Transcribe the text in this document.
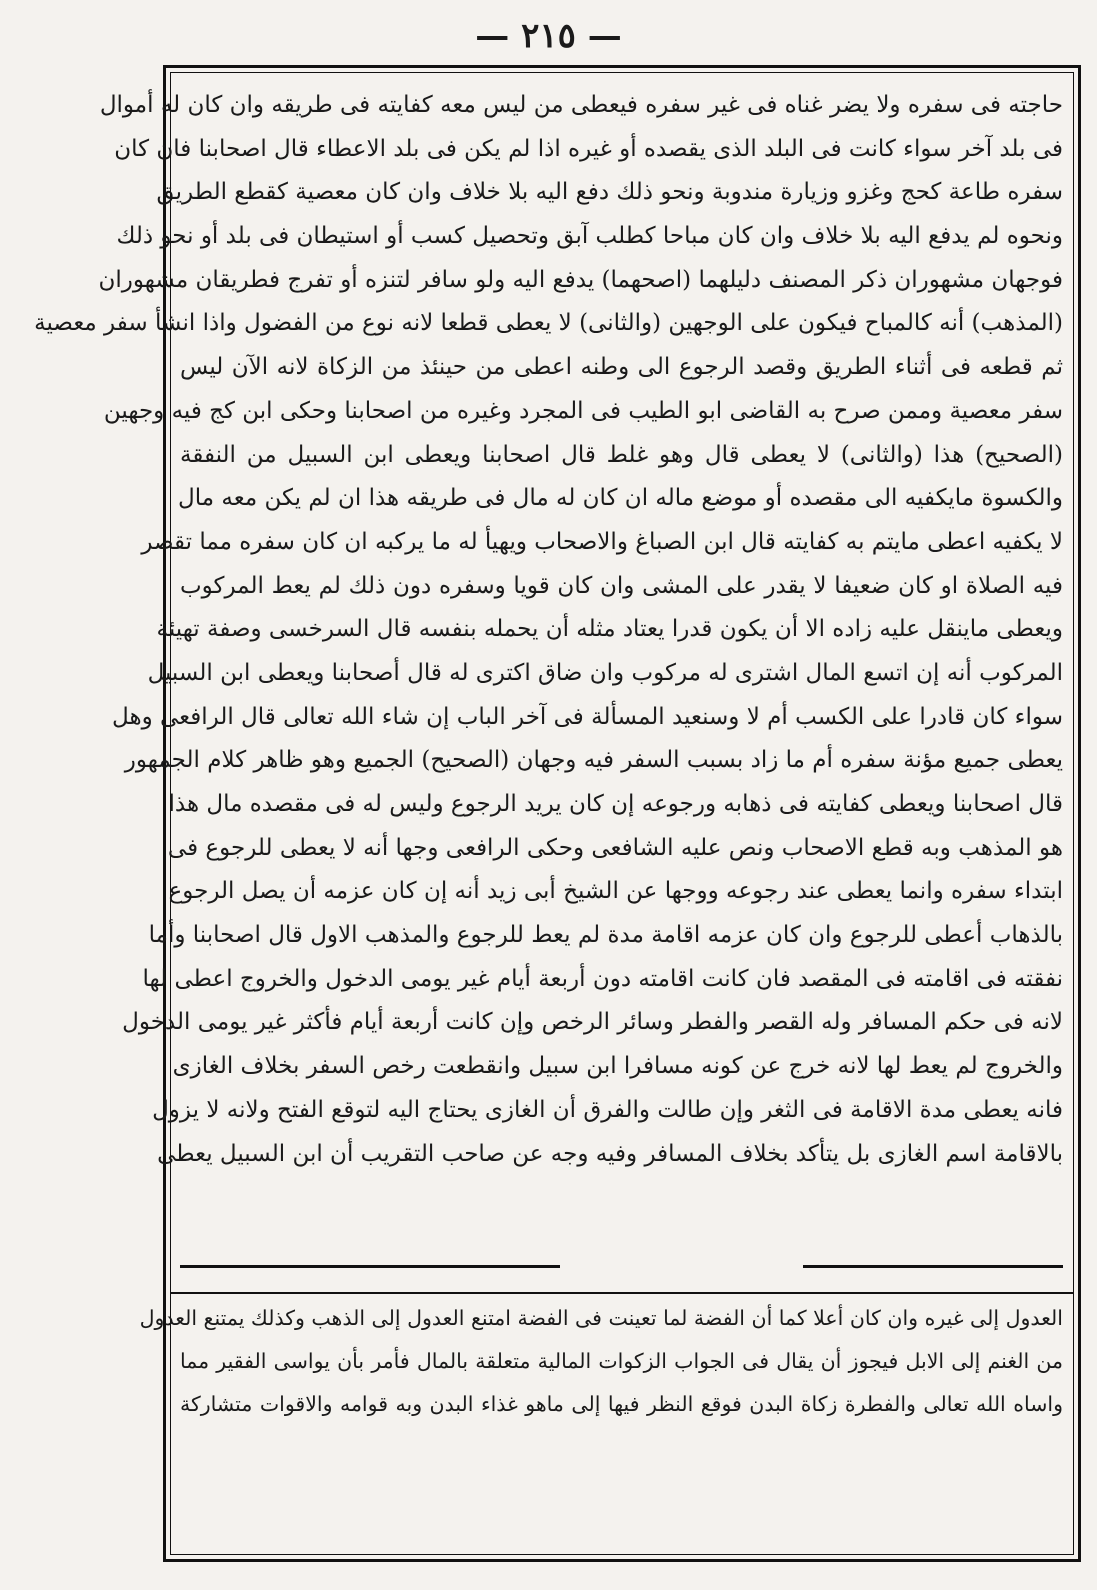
— ٢١٥ —
حاجته فى سفره ولا يضر غناه فى غير سفره فيعطى من ليس معه كفايته فى طريقه وان كان له أموال
فى بلد آخر سواء كانت فى البلد الذى يقصده أو غيره اذا لم يكن فى بلد الاعطاء قال اصحابنا فان كان
سفره طاعة كحج وغزو وزيارة مندوبة ونحو ذلك دفع اليه بلا خلاف وان كان معصية كقطع الطريق
ونحوه لم يدفع اليه بلا خلاف وان كان مباحا كطلب آبق وتحصيل كسب أو استيطان فى بلد أو نحو ذلك
فوجهان مشهوران ذكر المصنف دليلهما (اصحهما) يدفع اليه ولو سافر لتنزه أو تفرج فطريقان مشهوران
(المذهب) أنه كالمباح فيكون على الوجهين (والثانى) لا يعطى قطعا لانه نوع من الفضول واذا انشأ سفر معصية
ثم قطعه فى أثناء الطريق وقصد الرجوع الى وطنه اعطى من حينئذ من الزكاة لانه الآن ليس
سفر معصية وممن صرح به القاضى ابو الطيب فى المجرد وغيره من اصحابنا وحكى ابن كج فيه وجهين
(الصحيح) هذا (والثانى) لا يعطى قال وهو غلط قال اصحابنا ويعطى ابن السبيل من النفقة
والكسوة مايكفيه الى مقصده أو موضع ماله ان كان له مال فى طريقه هذا ان لم يكن معه مال
لا يكفيه اعطى مايتم به كفايته قال ابن الصباغ والاصحاب ويهيأ له ما يركبه ان كان سفره مما تقصر
فيه الصلاة او كان ضعيفا لا يقدر على المشى وان كان قويا وسفره دون ذلك لم يعط المركوب
ويعطى ماينقل عليه زاده الا أن يكون قدرا يعتاد مثله أن يحمله بنفسه قال السرخسى وصفة تهيئة
المركوب أنه إن اتسع المال اشترى له مركوب وان ضاق اكترى له قال أصحابنا ويعطى ابن السبيل
سواء كان قادرا على الكسب أم لا وسنعيد المسألة فى آخر الباب إن شاء الله تعالى قال الرافعى وهل
يعطى جميع مؤنة سفره أم ما زاد بسبب السفر فيه وجهان (الصحيح) الجميع وهو ظاهر كلام الجمهور
قال اصحابنا ويعطى كفايته فى ذهابه ورجوعه إن كان يريد الرجوع وليس له فى مقصده مال هذا
هو المذهب وبه قطع الاصحاب ونص عليه الشافعى وحكى الرافعى وجها أنه لا يعطى للرجوع فى
ابتداء سفره وانما يعطى عند رجوعه ووجها عن الشيخ أبى زيد أنه إن كان عزمه أن يصل الرجوع
بالذهاب أعطى للرجوع وان كان عزمه اقامة مدة لم يعط للرجوع والمذهب الاول قال اصحابنا وأما
نفقته فى اقامته فى المقصد فان كانت اقامته دون أربعة أيام غير يومى الدخول والخروج اعطى لها
لانه فى حكم المسافر وله القصر والفطر وسائر الرخص وإن كانت أربعة أيام فأكثر غير يومى الدخول
والخروج لم يعط لها لانه خرج عن كونه مسافرا ابن سبيل وانقطعت رخص السفر بخلاف الغازى
فانه يعطى مدة الاقامة فى الثغر وإن طالت والفرق أن الغازى يحتاج اليه لتوقع الفتح ولانه لا يزول
بالاقامة اسم الغازى بل يتأكد بخلاف المسافر وفيه وجه عن صاحب التقريب أن ابن السبيل يعطى
العدول إلى غيره وان كان أعلا كما أن الفضة لما تعينت فى الفضة امتنع العدول إلى الذهب وكذلك يمتنع العدول
من الغنم إلى الابل فيجوز أن يقال فى الجواب الزكوات المالية متعلقة بالمال فأمر بأن يواسى الفقير مما
واساه الله تعالى والفطرة زكاة البدن فوقع النظر فيها إلى ماهو غذاء البدن وبه قوامه والاقوات متشاركة
